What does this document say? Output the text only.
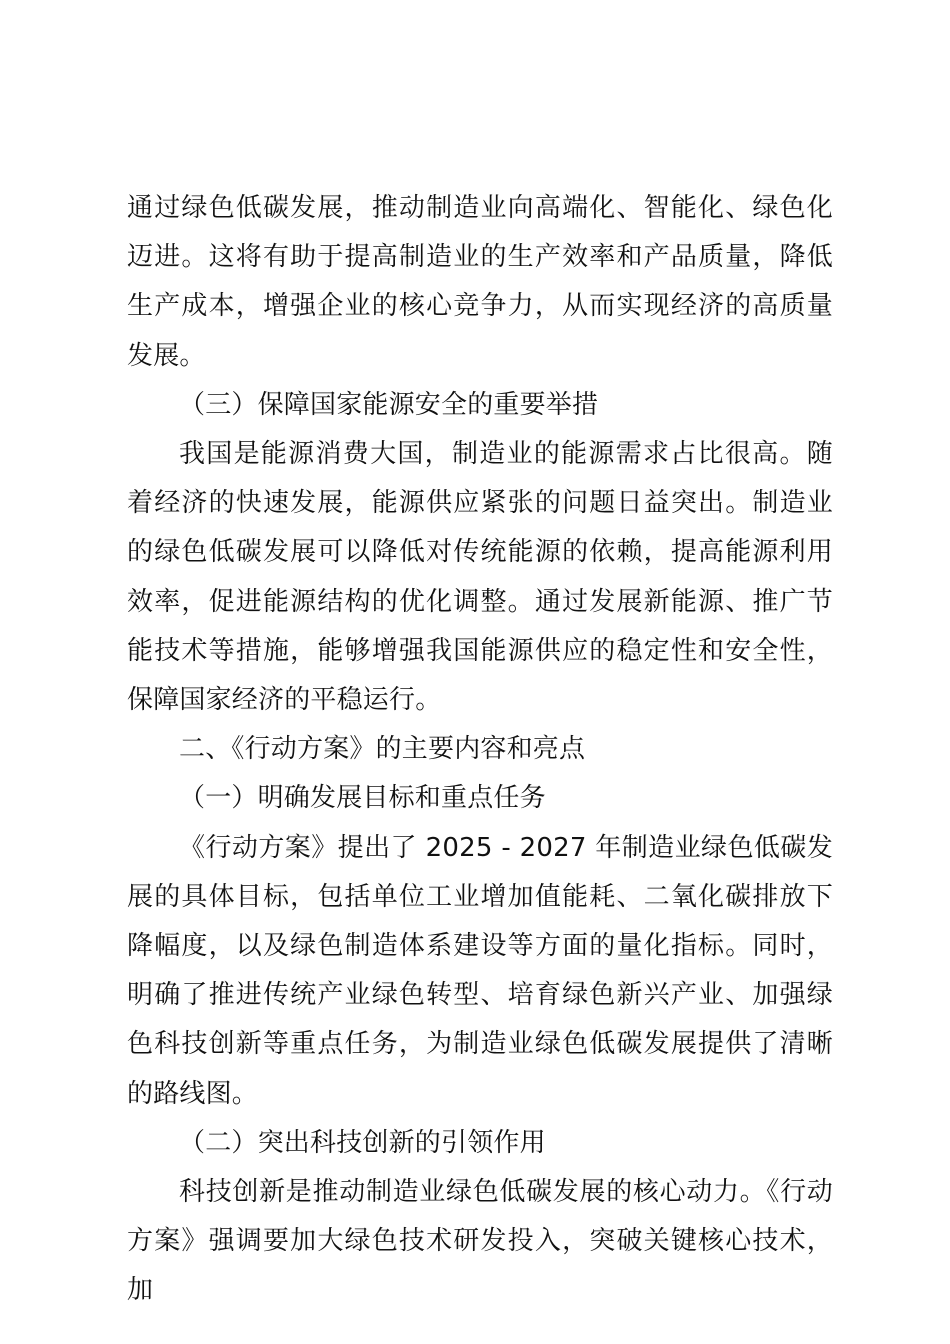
通过绿色低碳发展，推动制造业向高端化、智能化、绿色化迈进。这将有助于提高制造业的生产效率和产品质量，降低生产成本，增强企业的核心竞争力，从而实现经济的高质量发展。

（三）保障国家能源安全的重要举措

我国是能源消费大国，制造业的能源需求占比很高。随着经济的快速发展，能源供应紧张的问题日益突出。制造业的绿色低碳发展可以降低对传统能源的依赖，提高能源利用效率，促进能源结构的优化调整。通过发展新能源、推广节能技术等措施，能够增强我国能源供应的稳定性和安全性，保障国家经济的平稳运行。

二、《行动方案》的主要内容和亮点

（一）明确发展目标和重点任务

《行动方案》提出了 2025 - 2027 年制造业绿色低碳发展的具体目标，包括单位工业增加值能耗、二氧化碳排放下降幅度，以及绿色制造体系建设等方面的量化指标。同时，明确了推进传统产业绿色转型、培育绿色新兴产业、加强绿色科技创新等重点任务，为制造业绿色低碳发展提供了清晰的路线图。

（二）突出科技创新的引领作用

科技创新是推动制造业绿色低碳发展的核心动力。《行动方案》强调要加大绿色技术研发投入，突破关键核心技术，加
